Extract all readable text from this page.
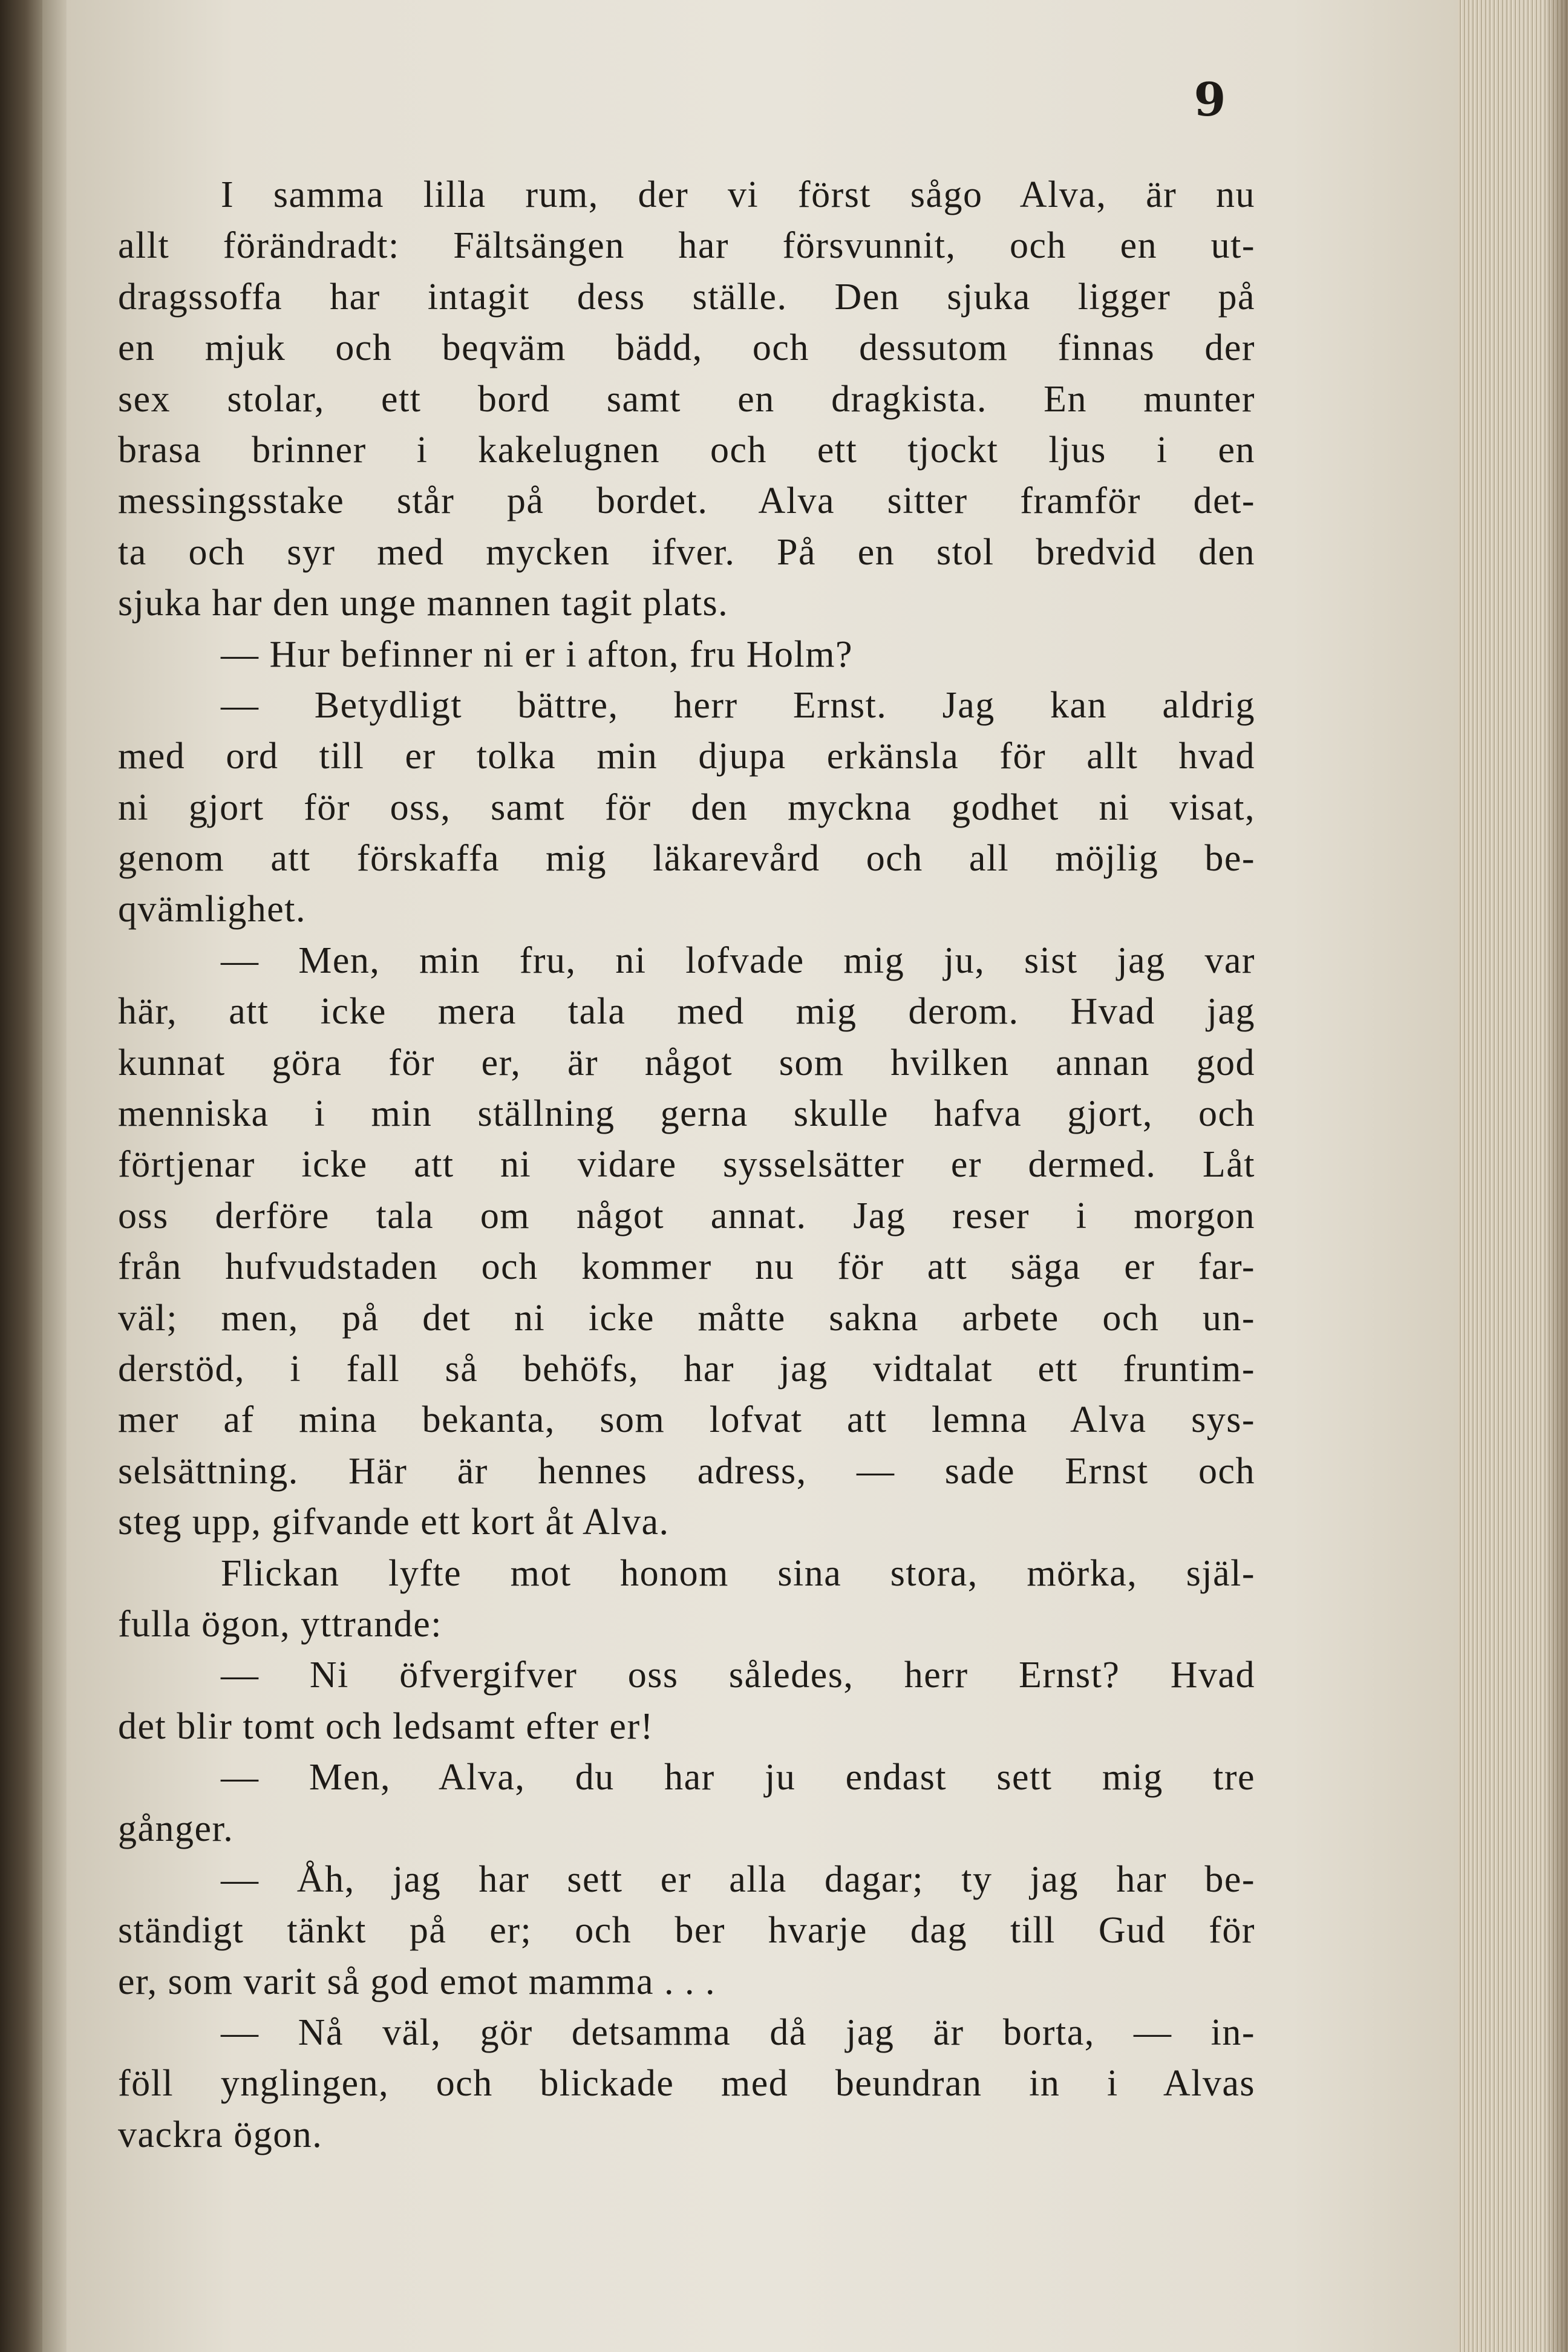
9
I samma lilla rum, der vi först sågo Alva, är nu
allt förändradt: Fältsängen har försvunnit, och en ut-
dragssoffa har intagit dess ställe. Den sjuka ligger på
en mjuk och beqväm bädd, och dessutom finnas der
sex stolar, ett bord samt en dragkista. En munter
brasa brinner i kakelugnen och ett tjockt ljus i en
messingsstake står på bordet. Alva sitter framför det-
ta och syr med mycken ifver. På en stol bredvid den
sjuka har den unge mannen tagit plats.
— Hur befinner ni er i afton, fru Holm?
— Betydligt bättre, herr Ernst. Jag kan aldrig
med ord till er tolka min djupa erkänsla för allt hvad
ni gjort för oss, samt för den myckna godhet ni visat,
genom att förskaffa mig läkarevård och all möjlig be-
qvämlighet.
— Men, min fru, ni lofvade mig ju, sist jag var
här, att icke mera tala med mig derom. Hvad jag
kunnat göra för er, är något som hvilken annan god
menniska i min ställning gerna skulle hafva gjort, och
förtjenar icke att ni vidare sysselsätter er dermed. Låt
oss derföre tala om något annat. Jag reser i morgon
från hufvudstaden och kommer nu för att säga er far-
väl; men, på det ni icke måtte sakna arbete och un-
derstöd, i fall så behöfs, har jag vidtalat ett fruntim-
mer af mina bekanta, som lofvat att lemna Alva sys-
selsättning. Här är hennes adress, — sade Ernst och
steg upp, gifvande ett kort åt Alva.
Flickan lyfte mot honom sina stora, mörka, själ-
fulla ögon, yttrande:
— Ni öfvergifver oss således, herr Ernst? Hvad
det blir tomt och ledsamt efter er!
— Men, Alva, du har ju endast sett mig tre
gånger.
— Åh, jag har sett er alla dagar; ty jag har be-
ständigt tänkt på er; och ber hvarje dag till Gud för
er, som varit så god emot mamma . . .
— Nå väl, gör detsamma då jag är borta, — in-
föll ynglingen, och blickade med beundran in i Alvas
vackra ögon.
